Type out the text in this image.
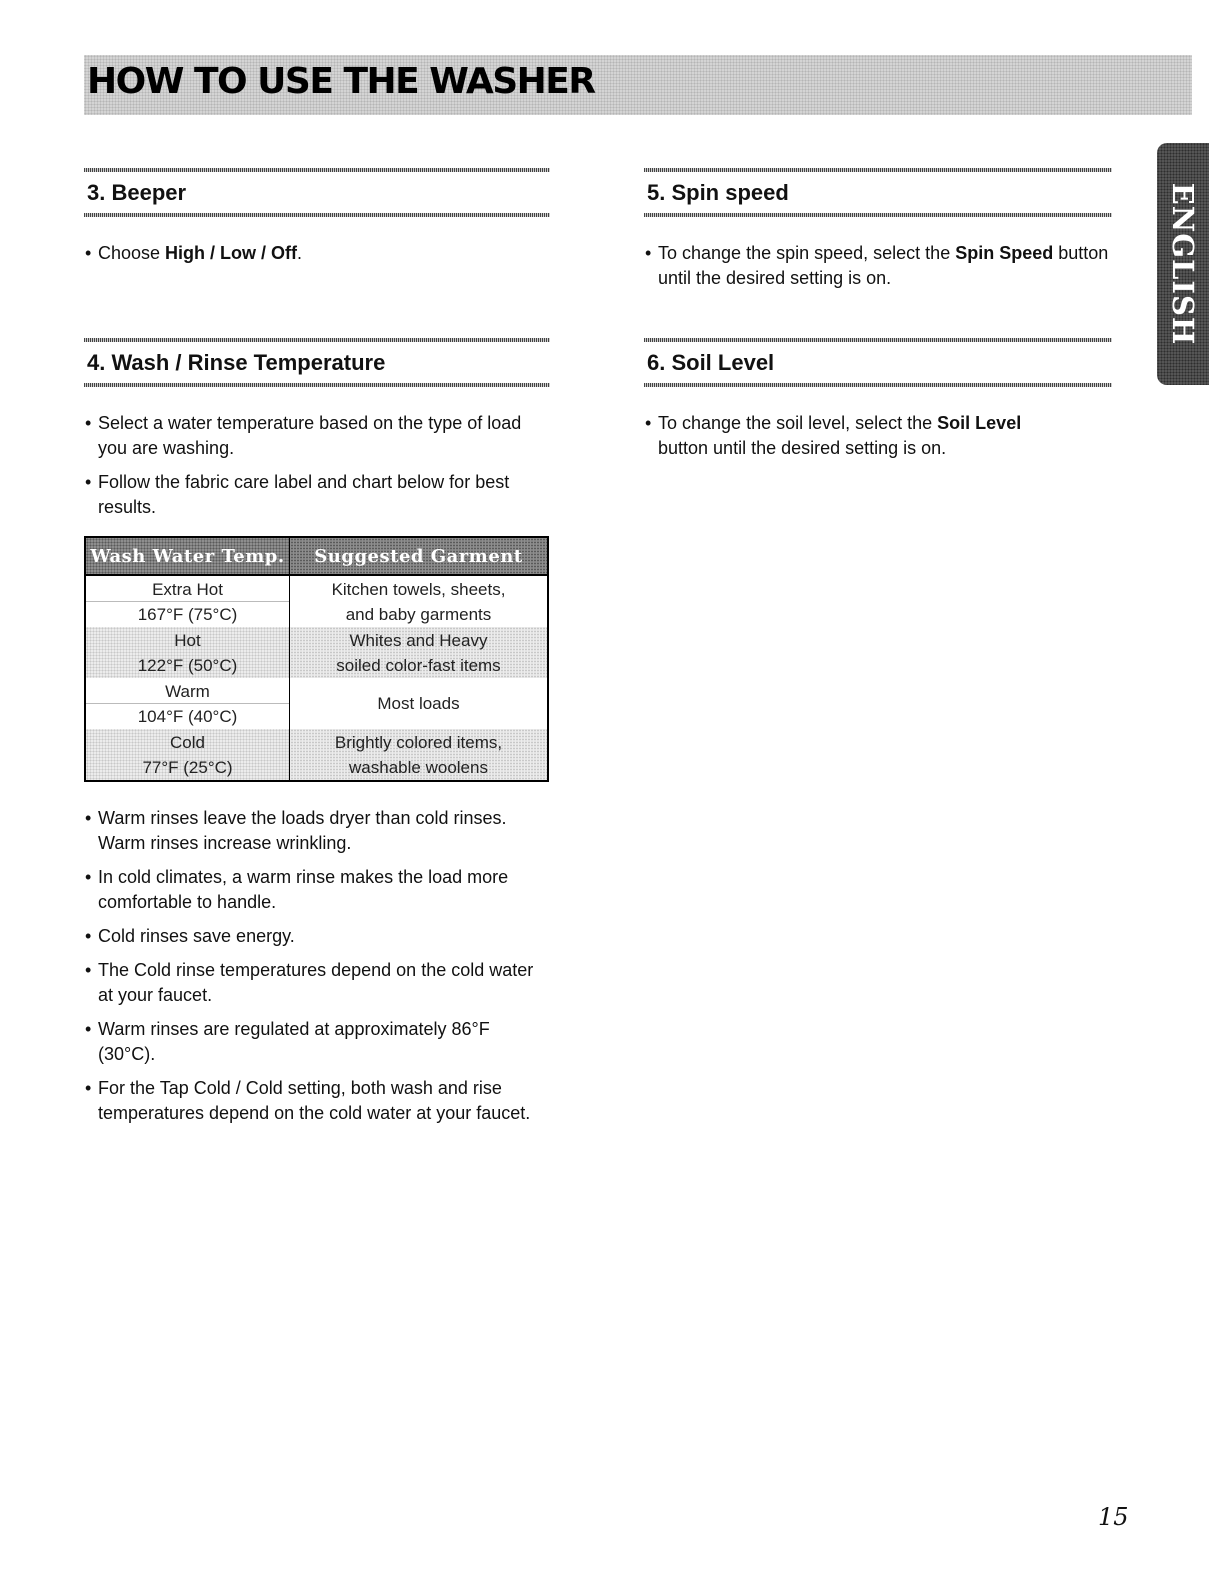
HOW TO USE THE WASHER
ENGLISH
3. Beeper
• Choose High / Low / Off.
4. Wash / Rinse Temperature
• Select a water temperature based on the type of load you are washing.
• Follow the fabric care label and chart below for best results.
Wash Water Temp.	Suggested Garment

Extra Hot
167°F (75°C)	Kitchen towels, sheets,
and baby garments

Hot
122°F (50°C)	Whites and Heavy
soiled color-fast items

Warm
104°F (40°C)	Most loads

Cold
77°F (25°C)	Brightly colored items,
washable woolens
• Warm rinses leave the loads dryer than cold rinses. Warm rinses increase wrinkling.
• In cold climates, a warm rinse makes the load more comfortable to handle.
• Cold rinses save energy.
• The Cold rinse temperatures depend on the cold water at your faucet.
• Warm rinses are regulated at approximately 86°F (30°C).
• For the Tap Cold / Cold setting, both wash and rise temperatures depend on the cold water at your faucet.
5. Spin speed
• To change the spin speed, select the Spin Speed button until the desired setting is on.
6. Soil Level
• To change the soil level, select the Soil Level button until the desired setting is on.
15
